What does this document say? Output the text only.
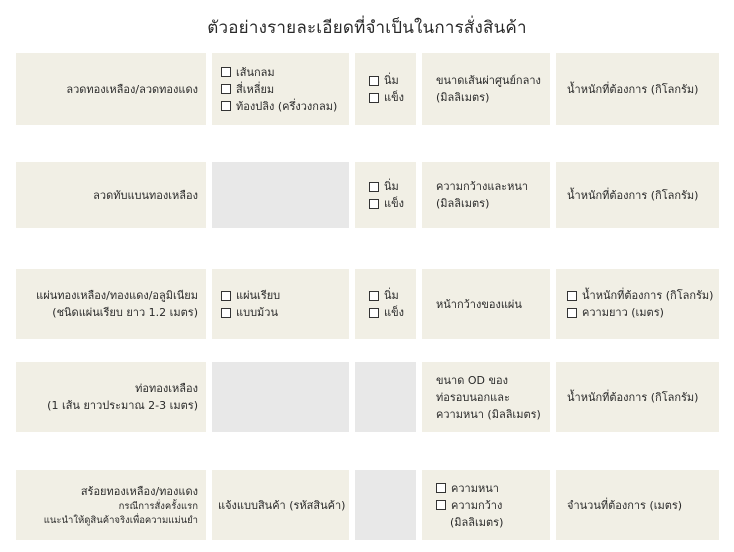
ตัวอย่างรายละเอียดที่จำเป็นในการสั่งสินค้า
ลวดทองเหลือง/ลวดทองแดง
เส้นกลม
สี่เหลี่ยม
ท้องปลิง (ครึ่งวงกลม)
นิ่ม
แข็ง
ขนาดเส้นผ่าศูนย์กลาง
(มิลลิเมตร)
น้ำหนักที่ต้องการ (กิโลกรัม)
ลวดทับแบนทองเหลือง
นิ่ม
แข็ง
ความกว้างและหนา
(มิลลิเมตร)
น้ำหนักที่ต้องการ (กิโลกรัม)
แผ่นทองเหลือง/ทองแดง/อลูมิเนียม
(ชนิดแผ่นเรียบ ยาว 1.2 เมตร)
แผ่นเรียบ
แบบม้วน
นิ่ม
แข็ง
หน้ากว้างของแผ่น
น้ำหนักที่ต้องการ (กิโลกรัม)
ความยาว (เมตร)
ท่อทองเหลือง
(1 เส้น ยาวประมาณ 2-3 เมตร)
ขนาด OD ของ
ท่อรอบนอกและ
ความหนา (มิลลิเมตร)
น้ำหนักที่ต้องการ (กิโลกรัม)
สร้อยทองเหลือง/ทองแดง
กรณีการสั่งครั้งแรก
แนะนำให้ดูสินค้าจริงเพื่อความแม่นยำ
แจ้งแบบสินค้า (รหัสสินค้า)
ความหนา
ความกว้าง
(มิลลิเมตร)
จำนวนที่ต้องการ (เมตร)
